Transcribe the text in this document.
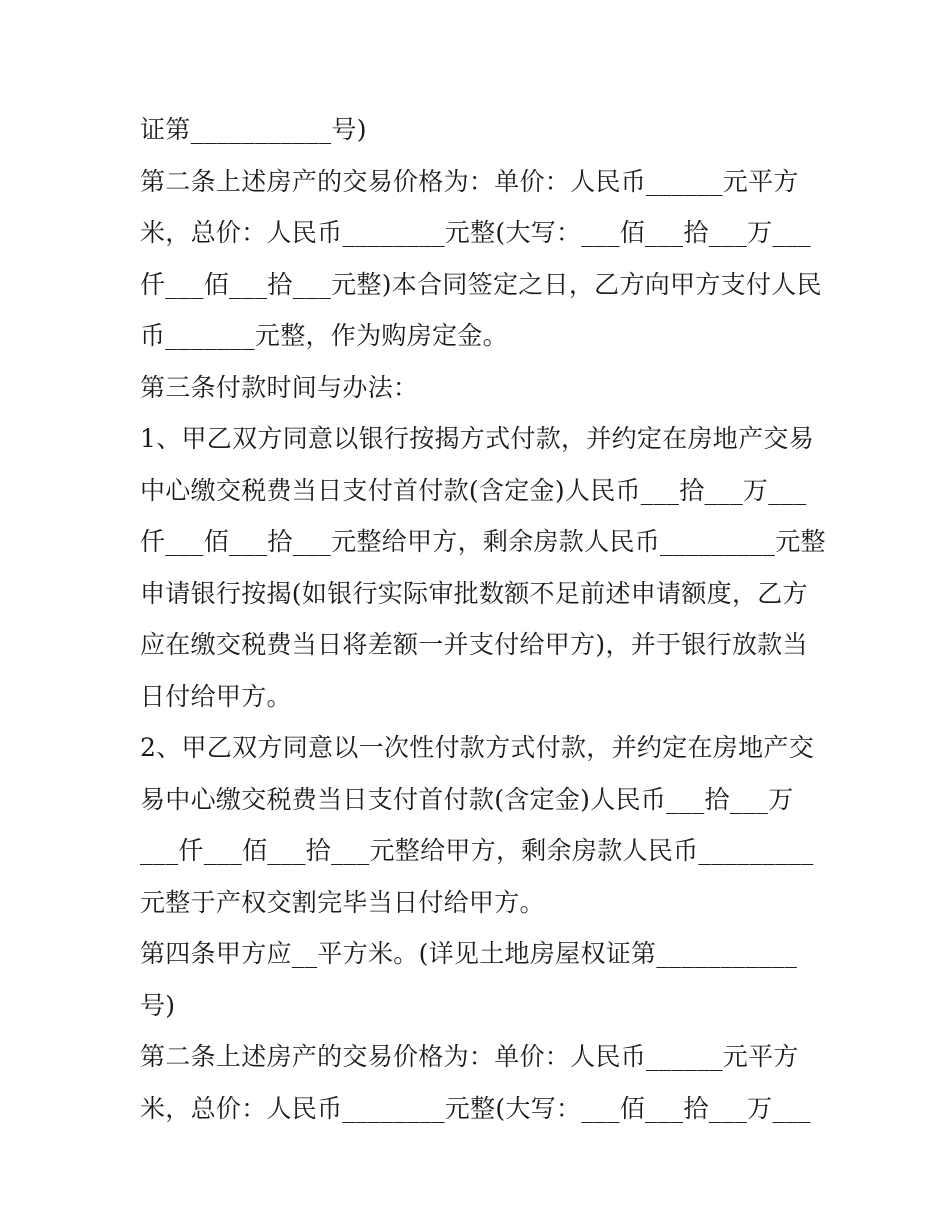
证第___________号)
第二条上述房产的交易价格为：单价：人民币______元平方
米，总价：人民币________元整(大写：___佰___拾___万___
仟___佰___拾___元整)本合同签定之日，乙方向甲方支付人民
币_______元整，作为购房定金。
第三条付款时间与办法：
1、甲乙双方同意以银行按揭方式付款，并约定在房地产交易
中心缴交税费当日支付首付款(含定金)人民币___拾___万___
仟___佰___拾___元整给甲方，剩余房款人民币_________元整
申请银行按揭(如银行实际审批数额不足前述申请额度，乙方
应在缴交税费当日将差额一并支付给甲方)，并于银行放款当
日付给甲方。
2、甲乙双方同意以一次性付款方式付款，并约定在房地产交
易中心缴交税费当日支付首付款(含定金)人民币___拾___万
___仟___佰___拾___元整给甲方，剩余房款人民币_________
元整于产权交割完毕当日付给甲方。
第四条甲方应__平方米。(详见土地房屋权证第___________
号)
第二条上述房产的交易价格为：单价：人民币______元平方
米，总价：人民币________元整(大写：___佰___拾___万___
